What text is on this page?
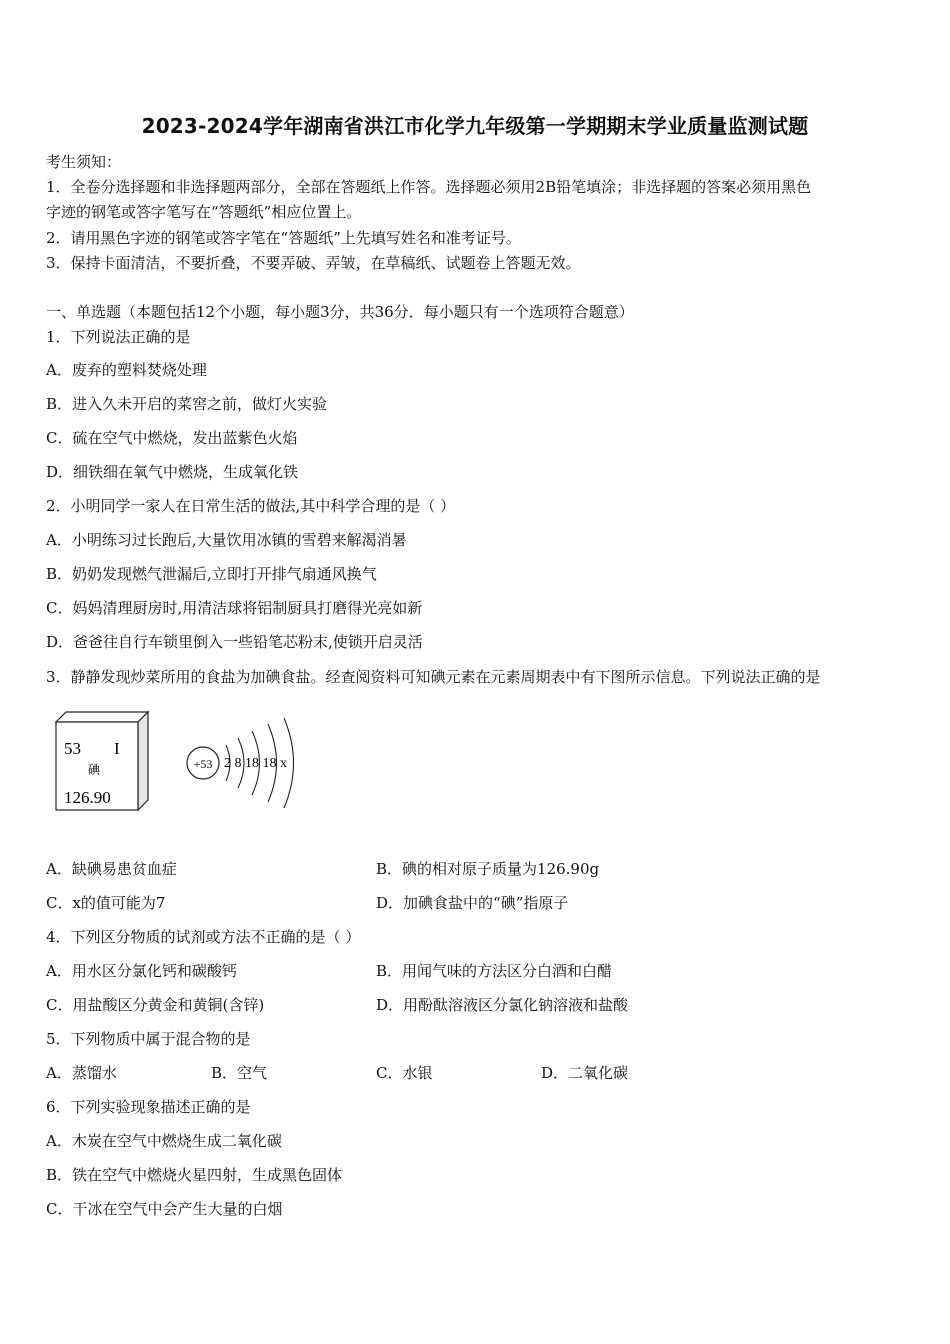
2023-2024学年湖南省洪江市化学九年级第一学期期末学业质量监测试题
考生须知：
1．全卷分选择题和非选择题两部分，全部在答题纸上作答。选择题必须用2B铅笔填涂；非选择题的答案必须用黑色
字迹的钢笔或答字笔写在“答题纸”相应位置上。
2．请用黑色字迹的钢笔或答字笔在“答题纸”上先填写姓名和准考证号。
3．保持卡面清洁，不要折叠，不要弄破、弄皱，在草稿纸、试题卷上答题无效。
一、单选题（本题包括12个小题，每小题3分，共36分．每小题只有一个选项符合题意）
1．下列说法正确的是
A．废弃的塑料焚烧处理
B．进入久未开启的菜窖之前，做灯火实验
C．硫在空气中燃烧，发出蓝紫色火焰
D．细铁细在氧气中燃烧，生成氧化铁
2．小明同学一家人在日常生活的做法,其中科学合理的是（ ）
A．小明练习过长跑后,大量饮用冰镇的雪碧来解渴消暑
B．奶奶发现燃气泄漏后,立即打开排气扇通风换气
C．妈妈清理厨房时,用清洁球将铝制厨具打磨得光亮如新
D．爸爸往自行车锁里倒入一些铅笔芯粉末,使锁开启灵活
3．静静发现炒菜所用的食盐为加碘食盐。经查阅资料可知碘元素在元素周期表中有下图所示信息。下列说法正确的是
53 I
碘
126.90
+53 2 8 18 18 x
A．缺碘易患贫血症	B．碘的相对原子质量为126.90g
C．x的值可能为7	D．加碘食盐中的“碘”指原子
4．下列区分物质的试剂或方法不正确的是（ ）
A．用水区分氯化钙和碳酸钙	B．用闻气味的方法区分白酒和白醋
C．用盐酸区分黄金和黄铜(含锌)	D．用酚酞溶液区分氯化钠溶液和盐酸
5．下列物质中属于混合物的是
A．蒸馏水	B．空气	C．水银	D．二氧化碳
6．下列实验现象描述正确的是
A．木炭在空气中燃烧生成二氧化碳
B．铁在空气中燃烧火星四射，生成黑色固体
C．干冰在空气中会产生大量的白烟
